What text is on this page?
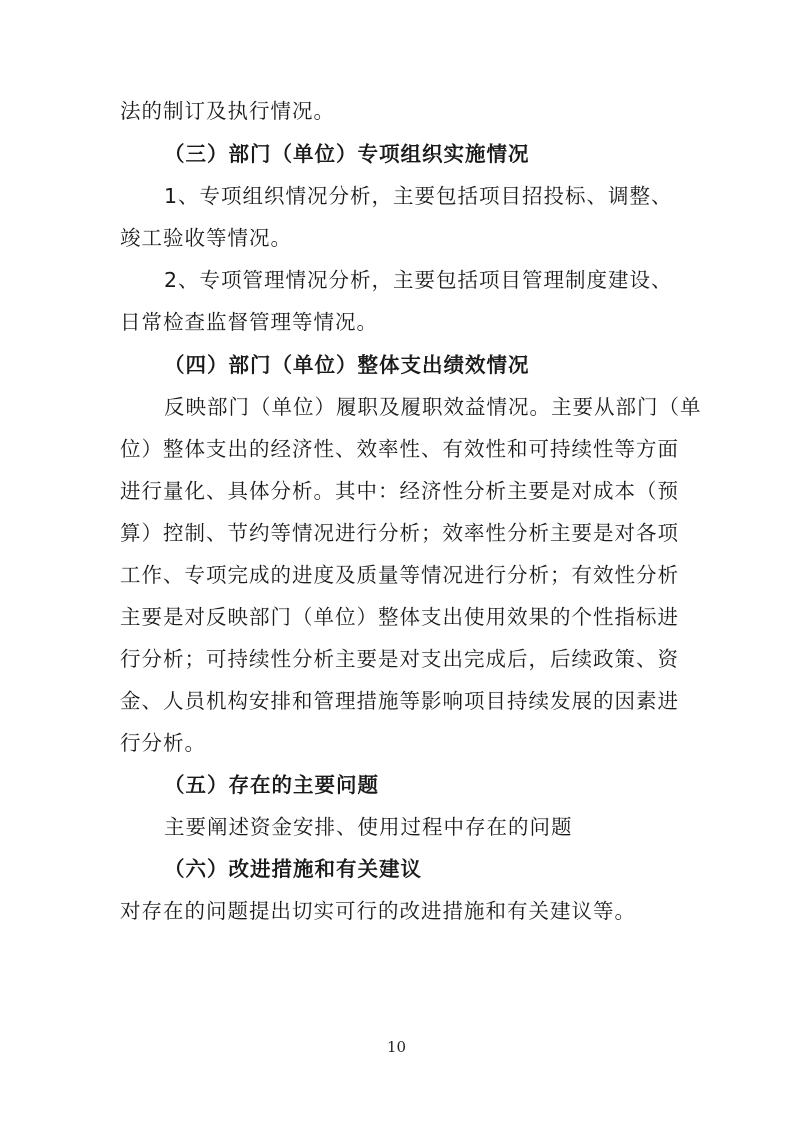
法的制订及执行情况。
（三）部门（单位）专项组织实施情况
1、专项组织情况分析，主要包括项目招投标、调整、
竣工验收等情况。
2、专项管理情况分析，主要包括项目管理制度建设、
日常检查监督管理等情况。
（四）部门（单位）整体支出绩效情况
反映部门（单位）履职及履职效益情况。主要从部门（单
位）整体支出的经济性、效率性、有效性和可持续性等方面
进行量化、具体分析。其中：经济性分析主要是对成本（预
算）控制、节约等情况进行分析；效率性分析主要是对各项
工作、专项完成的进度及质量等情况进行分析；有效性分析
主要是对反映部门（单位）整体支出使用效果的个性指标进
行分析；可持续性分析主要是对支出完成后，后续政策、资
金、人员机构安排和管理措施等影响项目持续发展的因素进
行分析。
（五）存在的主要问题
主要阐述资金安排、使用过程中存在的问题
（六）改进措施和有关建议
对存在的问题提出切实可行的改进措施和有关建议等。
10
